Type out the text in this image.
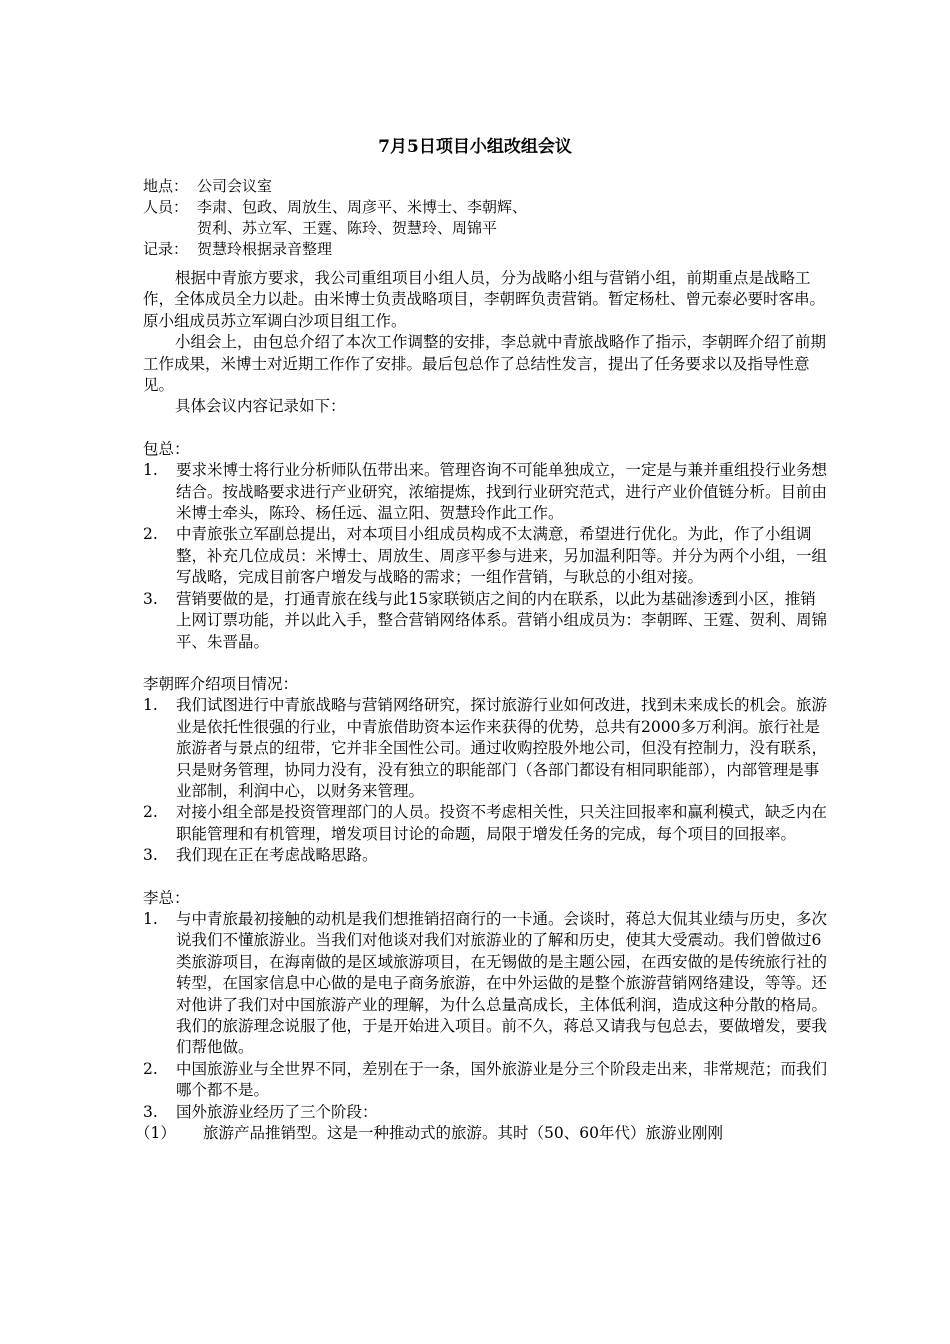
7月5日项目小组改组会议
地点： 公司会议室
人员： 李肃、包政、周放生、周彦平、米博士、李朝辉、
贺利、苏立军、王霆、陈玲、贺慧玲、周锦平
记录： 贺慧玲根据录音整理

根据中青旅方要求，我公司重组项目小组人员，分为战略小组与营销小组，前期重点是战略工作，全体成员全力以赴。由米博士负责战略项目，李朝晖负责营销。暂定杨杜、曾元泰必要时客串。原小组成员苏立军调白沙项目组工作。

小组会上，由包总介绍了本次工作调整的安排，李总就中青旅战略作了指示，李朝晖介绍了前期工作成果，米博士对近期工作作了安排。最后包总作了总结性发言，提出了任务要求以及指导性意见。

具体会议内容记录如下：

包总：

1.	要求米博士将行业分析师队伍带出来。管理咨询不可能单独成立，一定是与兼并重组投行业务想结合。按战略要求进行产业研究，浓缩提炼，找到行业研究范式，进行产业价值链分析。目前由米博士牵头，陈玲、杨任远、温立阳、贺慧玲作此工作。
2.	中青旅张立军副总提出，对本项目小组成员构成不太满意，希望进行优化。为此，作了小组调整，补充几位成员：米博士、周放生、周彦平参与进来，另加温利阳等。并分为两个小组，一组写战略，完成目前客户增发与战略的需求；一组作营销，与耿总的小组对接。
3.	营销要做的是，打通青旅在线与此15家联锁店之间的内在联系，以此为基础渗透到小区，推销上网订票功能，并以此入手，整合营销网络体系。营销小组成员为：李朝晖、王霆、贺利、周锦平、朱晋晶。

李朝晖介绍项目情况：

1.	我们试图进行中青旅战略与营销网络研究，探讨旅游行业如何改进，找到未来成长的机会。旅游业是依托性很强的行业，中青旅借助资本运作来获得的优势，总共有2000多万利润。旅行社是旅游者与景点的纽带，它并非全国性公司。通过收购控股外地公司，但没有控制力，没有联系，只是财务管理，协同力没有，没有独立的职能部门（各部门都设有相同职能部），内部管理是事业部制，利润中心，以财务来管理。
2.	对接小组全部是投资管理部门的人员。投资不考虑相关性，只关注回报率和赢利模式，缺乏内在职能管理和有机管理，增发项目讨论的命题，局限于增发任务的完成，每个项目的回报率。
3.	我们现在正在考虑战略思路。

李总：

1.	与中青旅最初接触的动机是我们想推销招商行的一卡通。会谈时，蒋总大侃其业绩与历史，多次说我们不懂旅游业。当我们对他谈对我们对旅游业的了解和历史，使其大受震动。我们曾做过6类旅游项目，在海南做的是区域旅游项目，在无锡做的是主题公园，在西安做的是传统旅行社的转型，在国家信息中心做的是电子商务旅游，在中外运做的是整个旅游营销网络建设，等等。还对他讲了我们对中国旅游产业的理解，为什么总量高成长，主体低利润，造成这种分散的格局。我们的旅游理念说服了他，于是开始进入项目。前不久，蒋总又请我与包总去，要做增发，要我们帮他做。
2.	中国旅游业与全世界不同，差别在于一条，国外旅游业是分三个阶段走出来，非常规范；而我们哪个都不是。
3.	国外旅游业经历了三个阶段：
（1）	旅游产品推销型。这是一种推动式的旅游。其时（50、60年代）旅游业刚刚
